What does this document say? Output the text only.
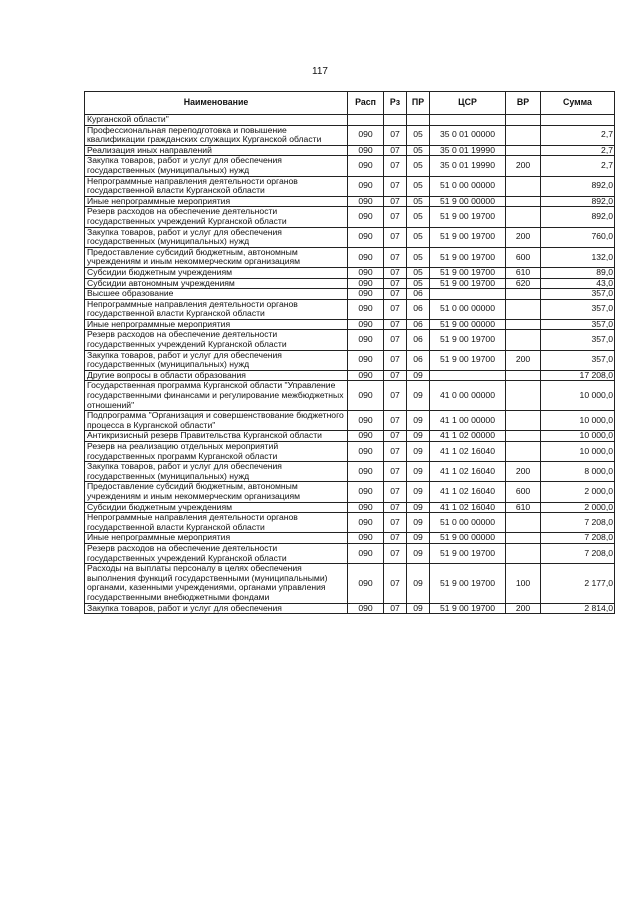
117
Наименование	Расп	Рз	ПР	ЦСР	ВР	Сумма
Курганской области"						
Профессиональная переподготовка и повышение квалификации гражданских служащих Курганской области	090	07	05	35 0 01 00000		2,7
Реализация иных направлений	090	07	05	35 0 01 19990		2,7
Закупка товаров, работ и услуг для обеспечения государственных (муниципальных) нужд	090	07	05	35 0 01 19990	200	2,7
Непрограммные направления деятельности органов государственной власти Курганской области	090	07	05	51 0 00 00000		892,0
Иные непрограммные мероприятия	090	07	05	51 9 00 00000		892,0
Резерв расходов на обеспечение деятельности государственных учреждений Курганской области	090	07	05	51 9 00 19700		892,0
Закупка товаров, работ и услуг для обеспечения государственных (муниципальных) нужд	090	07	05	51 9 00 19700	200	760,0
Предоставление субсидий бюджетным, автономным учреждениям и иным некоммерческим организациям	090	07	05	51 9 00 19700	600	132,0
Субсидии бюджетным учреждениям	090	07	05	51 9 00 19700	610	89,0
Субсидии автономным учреждениям	090	07	05	51 9 00 19700	620	43,0
Высшее образование	090	07	06			357,0
Непрограммные направления деятельности органов государственной власти Курганской области	090	07	06	51 0 00 00000		357,0
Иные непрограммные мероприятия	090	07	06	51 9 00 00000		357,0
Резерв расходов на обеспечение деятельности государственных учреждений Курганской области	090	07	06	51 9 00 19700		357,0
Закупка товаров, работ и услуг для обеспечения государственных (муниципальных) нужд	090	07	06	51 9 00 19700	200	357,0
Другие вопросы в области образования	090	07	09			17 208,0
Государственная программа Курганской области "Управление государственными финансами и регулирование межбюджетных отношений"	090	07	09	41 0 00 00000		10 000,0
Подпрограмма "Организация и совершенствование бюджетного процесса в Курганской области"	090	07	09	41 1 00 00000		10 000,0
Антикризисный резерв Правительства Курганской области	090	07	09	41 1 02 00000		10 000,0
Резерв на реализацию отдельных мероприятий государственных программ Курганской области	090	07	09	41 1 02 16040		10 000,0
Закупка товаров, работ и услуг для обеспечения государственных (муниципальных) нужд	090	07	09	41 1 02 16040	200	8 000,0
Предоставление субсидий бюджетным, автономным учреждениям и иным некоммерческим организациям	090	07	09	41 1 02 16040	600	2 000,0
Субсидии бюджетным учреждениям	090	07	09	41 1 02 16040	610	2 000,0
Непрограммные направления деятельности органов государственной власти Курганской области	090	07	09	51 0 00 00000		7 208,0
Иные непрограммные мероприятия	090	07	09	51 9 00 00000		7 208,0
Резерв расходов на обеспечение деятельности государственных учреждений Курганской области	090	07	09	51 9 00 19700		7 208,0
Расходы на выплаты персоналу в целях обеспечения выполнения функций государственными (муниципальными) органами, казенными учреждениями, органами управления государственными внебюджетными фондами	090	07	09	51 9 00 19700	100	2 177,0
Закупка товаров, работ и услуг для обеспечения	090	07	09	51 9 00 19700	200	2 814,0
